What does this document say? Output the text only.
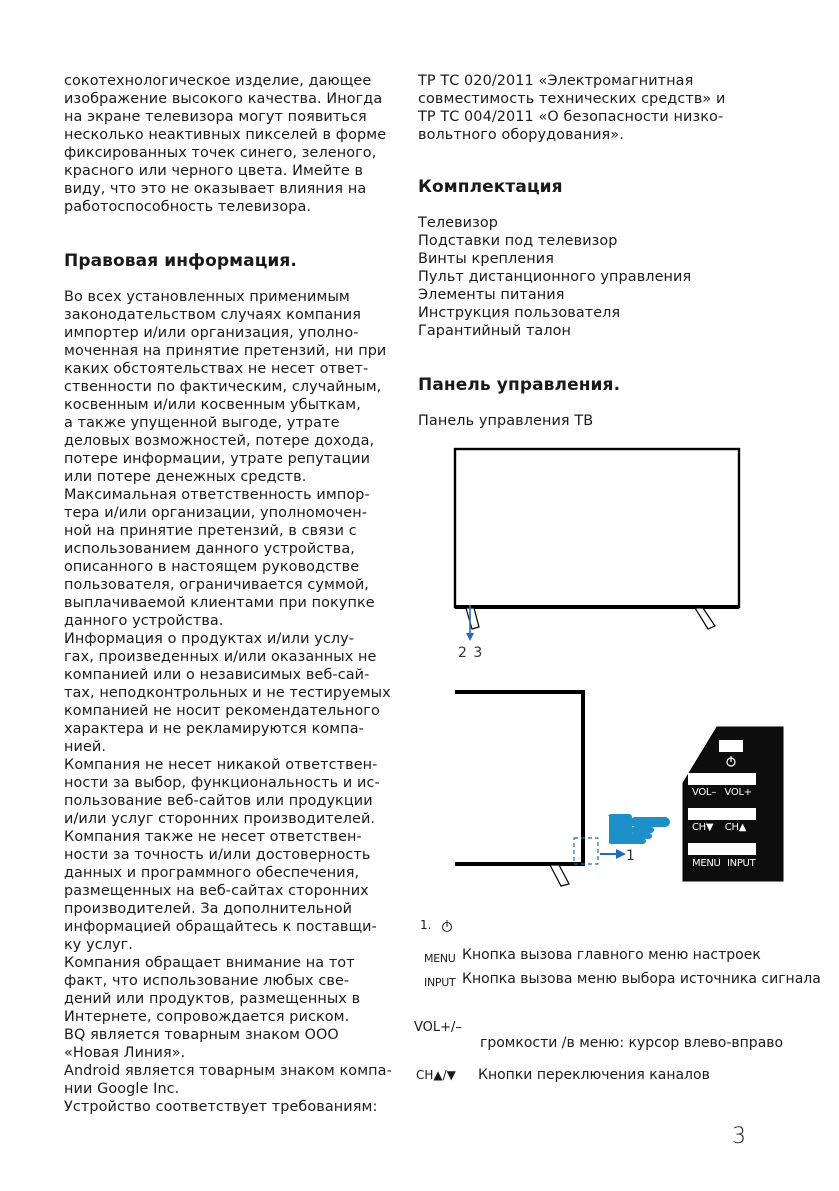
сокотехнологическое изделие, дающее
изображение высокого качества. Иногда
на экране телевизора могут появиться
несколько неактивных пикселей в форме
фиксированных точек синего, зеленого,
красного или черного цвета. Имейте в
виду, что это не оказывает влияния на
работоспособность телевизора.
Правовая информация.
Во всех установленных применимым
законодательством случаях компания
импортер и/или организация, уполно-
моченная на принятие претензий, ни при
каких обстоятельствах не несет ответ-
ственности по фактическим, случайным,
косвенным и/или косвенным убыткам,
а также упущенной выгоде, утрате
деловых возможностей, потере дохода,
потере информации, утрате репутации
или потере денежных средств.
Максимальная ответственность импор-
тера и/или организации, уполномочен-
ной на принятие претензий, в связи с
использованием данного устройства,
описанного в настоящем руководстве
пользователя, ограничивается суммой,
выплачиваемой клиентами при покупке
данного устройства.
Информация о продуктах и/или услу-
гах, произведенных и/или оказанных не
компанией или о независимых веб-сай-
тах, неподконтрольных и не тестируемых
компанией не носит рекомендательного
характера и не рекламируются компа-
нией.
Компания не несет никакой ответствен-
ности за выбор, функциональность и ис-
пользование веб-сайтов или продукции
и/или услуг сторонних производителей.
Компания также не несет ответствен-
ности за точность и/или достоверность
данных и программного обеспечения,
размещенных на веб-сайтах сторонних
производителей. За дополнительной
информацией обращайтесь к поставщи-
ку услуг.
Компания обращает внимание на тот
факт, что использование любых све-
дений или продуктов, размещенных в
Интернете, сопровождается риском.
BQ является товарным знаком ООО
«Новая Линия».
Android является товарным знаком компа-
нии Google Inc.
Устройство соответствует требованиям:
ТР ТС 020/2011 «Электромагнитная
совместимость технических средств» и
ТР ТС 004/2011 «О безопасности низко-
вольтного оборудования».
Комплектация
Телевизор
Подставки под телевизор
Винты крепления
Пульт дистанционного управления
Элементы питания
Инструкция пользователя
Гарантийный талон
Панель управления.
Панель управления ТВ
2 3
1
VOL–   VOL+
CH▼    CH▲
MENU INPUT
1.
MENU Кнопка вызова главного меню настроек
INPUT Кнопка вызова меню выбора источника сигнала
VOL+/–
громкости /в меню: курсор влево-вправо
CH▲/▼ Кнопки переключения каналов
3
